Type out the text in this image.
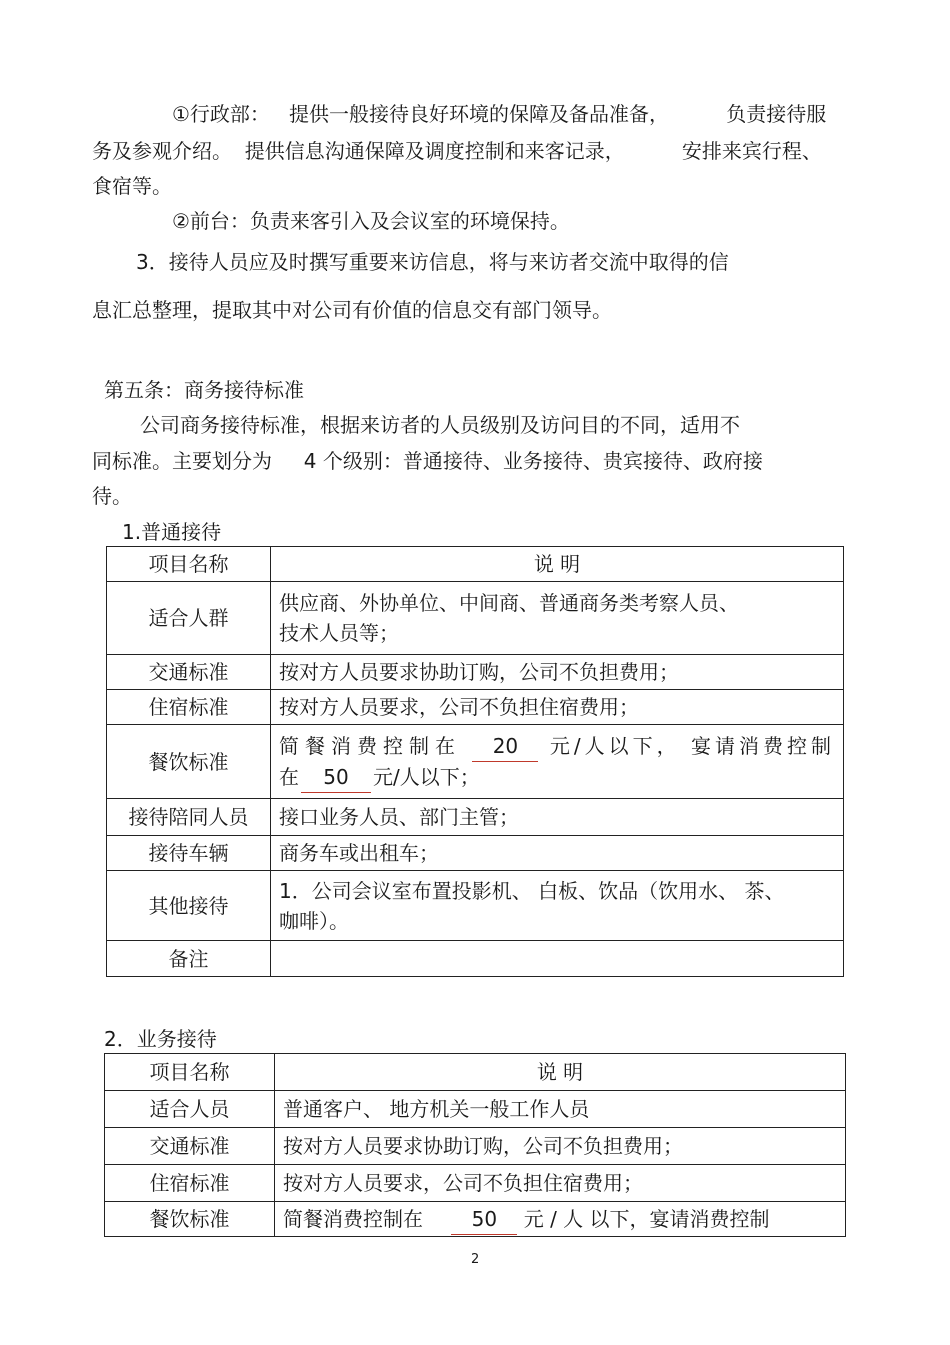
①行政部：   提供一般接待良好环境的保障及备品准备，         负责接待服
务及参观介绍。  提供信息沟通保障及调度控制和来客记录，         安排来宾行程、
食宿等。
②前台：负责来客引入及会议室的环境保持。
3．接待人员应及时撰写重要来访信息，将与来访者交流中取得的信
息汇总整理，提取其中对公司有价值的信息交有部门领导。
第五条：商务接待标准
公司商务接待标准，根据来访者的人员级别及访问目的不同，适用不
同标准。主要划分为     4 个级别：普通接待、业务接待、贵宾接待、政府接
待。
1.普通接待
项目名称	说 明
适合人群	供应商、外协单位、中间商、普通商务类考察人员、
技术人员等；

交通标准	按对方人员要求协助订购，公司不负担费用；
住宿标准	按对方人员要求，公司不负担住宿费用；
餐饮标准	简餐消费控制在 20 元/人以下， 宴请消费控制
在 50 元/人以下；

接待陪同人员	接口业务人员、部门主管；
接待车辆	商务车或出租车；
其他接待	1．公司会议室布置投影机、 白板、饮品（饮用水、 茶、
咖啡）。

备注	
2．业务接待
项目名称	说 明
适合人员	普通客户、 地方机关一般工作人员
交通标准	按对方人员要求协助订购，公司不负担费用；
住宿标准	按对方人员要求，公司不负担住宿费用；
餐饮标准	简餐消费控制在 50 元 / 人 以下，宴请消费控制
2
